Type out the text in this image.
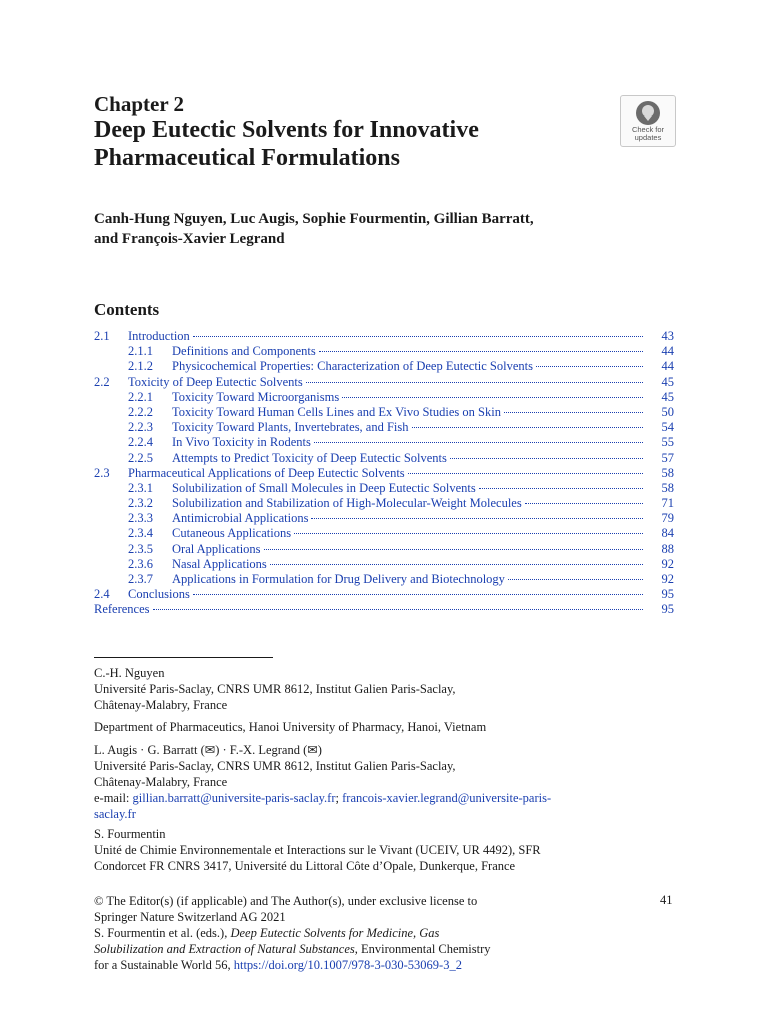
Chapter 2
Deep Eutectic Solvents for Innovative
Pharmaceutical Formulations
Check for
updates
Canh-Hung Nguyen, Luc Augis, Sophie Fourmentin, Gillian Barratt,
and François-Xavier Legrand
Contents
2.1	Introduction	43
2.1.1	Definitions and Components	44
2.1.2	Physicochemical Properties: Characterization of Deep Eutectic Solvents	44
2.2	Toxicity of Deep Eutectic Solvents	45
2.2.1	Toxicity Toward Microorganisms	45
2.2.2	Toxicity Toward Human Cells Lines and Ex Vivo Studies on Skin	50
2.2.3	Toxicity Toward Plants, Invertebrates, and Fish	54
2.2.4	In Vivo Toxicity in Rodents	55
2.2.5	Attempts to Predict Toxicity of Deep Eutectic Solvents	57
2.3	Pharmaceutical Applications of Deep Eutectic Solvents	58
2.3.1	Solubilization of Small Molecules in Deep Eutectic Solvents	58
2.3.2	Solubilization and Stabilization of High-Molecular-Weight Molecules	71
2.3.3	Antimicrobial Applications	79
2.3.4	Cutaneous Applications	84
2.3.5	Oral Applications	88
2.3.6	Nasal Applications	92
2.3.7	Applications in Formulation for Drug Delivery and Biotechnology	92
2.4	Conclusions	95
References	95
C.-H. Nguyen
Université Paris-Saclay, CNRS UMR 8612, Institut Galien Paris-Saclay,
Châtenay-Malabry, France
Department of Pharmaceutics, Hanoi University of Pharmacy, Hanoi, Vietnam
L. Augis · G. Barratt (✉) · F.-X. Legrand (✉)
Université Paris-Saclay, CNRS UMR 8612, Institut Galien Paris-Saclay,
Châtenay-Malabry, France
e-mail: gillian.barratt@universite-paris-saclay.fr; francois-xavier.legrand@universite-paris-
saclay.fr
S. Fourmentin
Unité de Chimie Environnementale et Interactions sur le Vivant (UCEIV, UR 4492), SFR
Condorcet FR CNRS 3417, Université du Littoral Côte d’Opale, Dunkerque, France
© The Editor(s) (if applicable) and The Author(s), under exclusive license to
Springer Nature Switzerland AG 2021
S. Fourmentin et al. (eds.), Deep Eutectic Solvents for Medicine, Gas
Solubilization and Extraction of Natural Substances, Environmental Chemistry
for a Sustainable World 56, https://doi.org/10.1007/978-3-030-53069-3_2
41
